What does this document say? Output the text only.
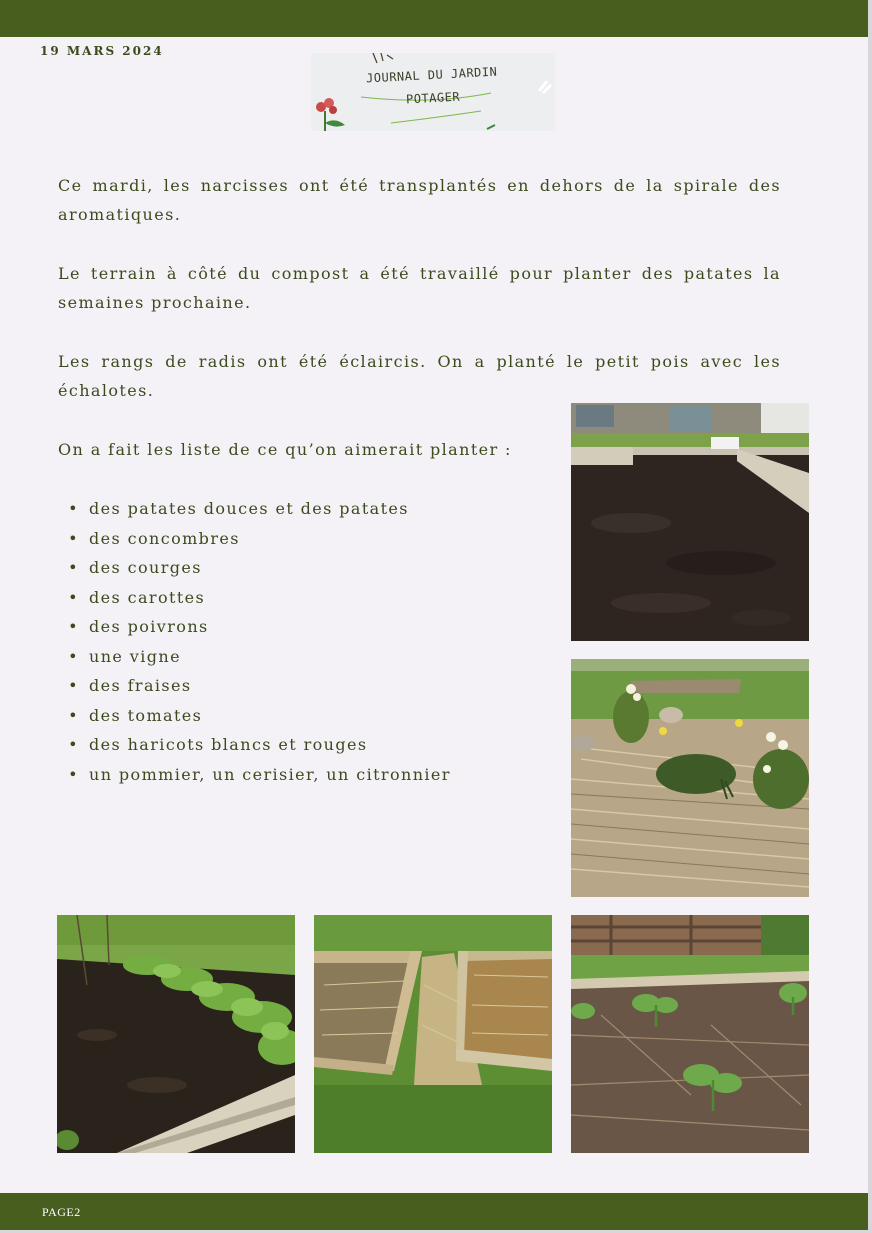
19 MARS 2024
JOURNAL DU JARDIN
POTAGER

Ce mardi, les narcisses ont été transplantés en dehors de la spirale des aromatiques.

Le terrain à côté du compost a été travaillé pour planter des patates la semaines prochaine.

Les rangs de radis ont été éclaircis. On a planté le petit pois avec les échalotes.

On a fait les liste de ce qu’on aimerait planter :

• des patates douces et des patates
• des concombres
• des courges
• des carottes
• des poivrons
• une vigne
• des fraises
• des tomates
• des haricots blancs et rouges
• un pommier, un cerisier, un citronnier
PAGE2
